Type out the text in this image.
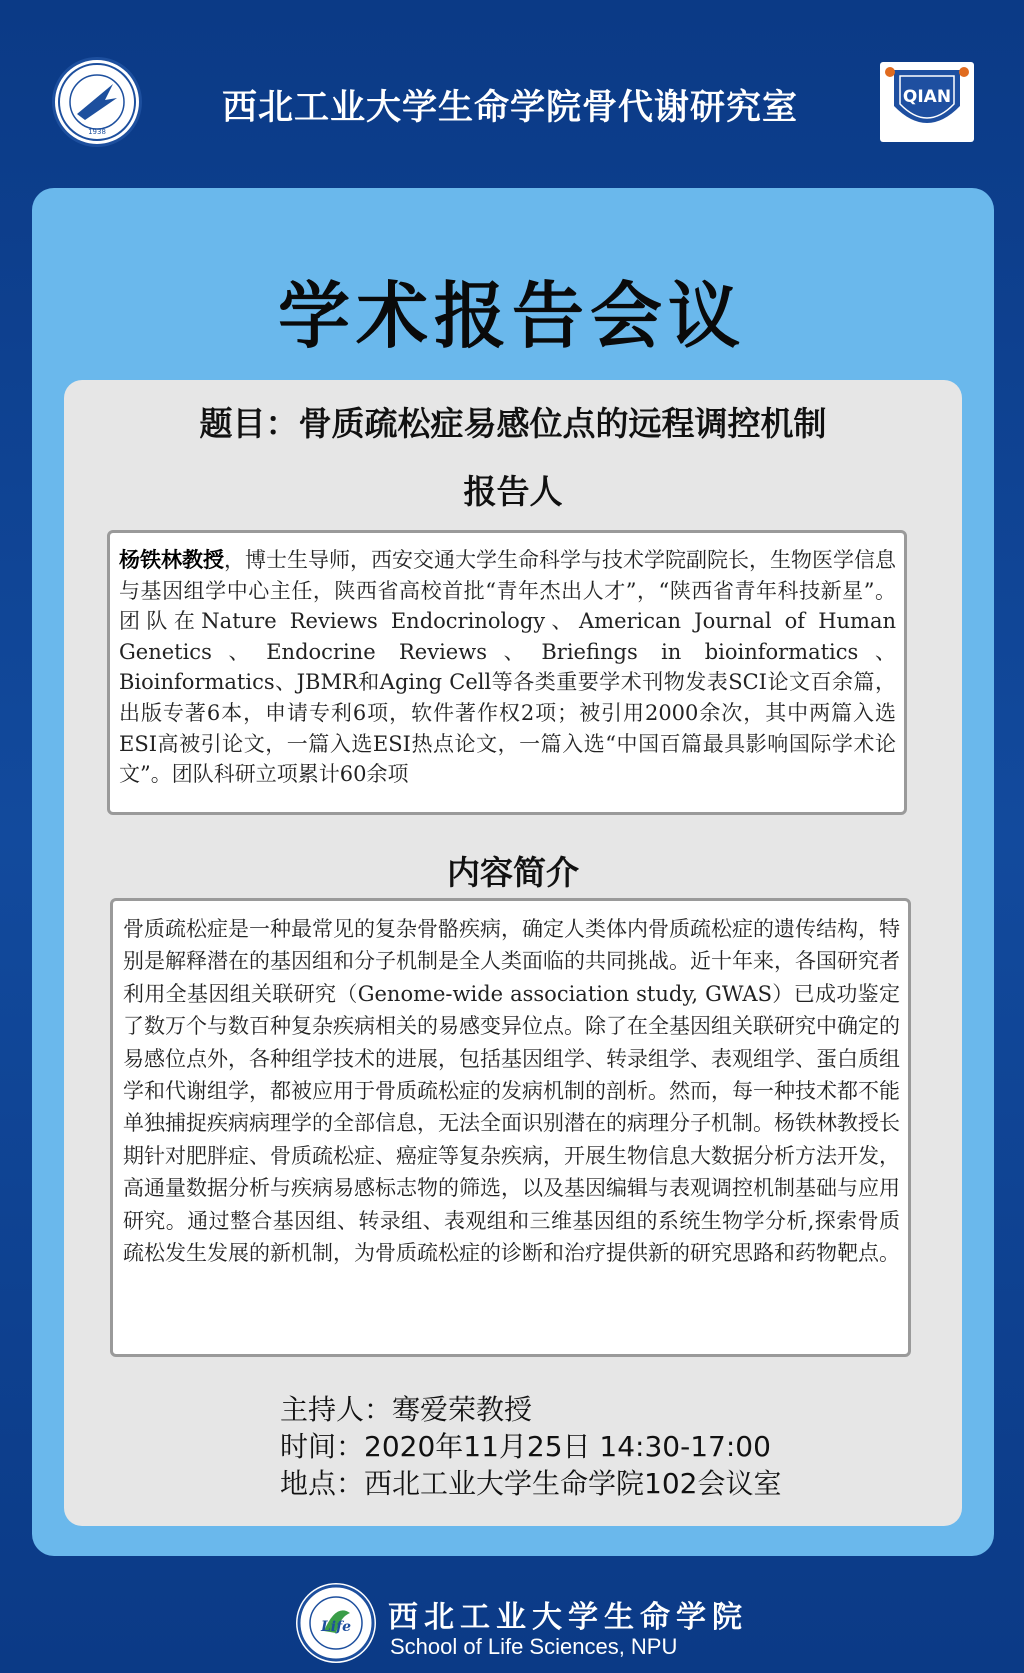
1938
西北工业大学生命学院骨代谢研究室	QIAN
学术报告会议
题目：骨质疏松症易感位点的远程调控机制
报告人
杨铁林教授，博士生导师，西安交通大学生命科学与技术学院副院长，生物医学信息与基因组学中心主任，陕西省高校首批“青年杰出人才”，“陕西省青年科技新星”。团队在Nature Reviews Endocrinology、American Journal of Human Genetics、Endocrine Reviews、Briefings in bioinformatics、Bioinformatics、JBMR和Aging Cell等各类重要学术刊物发表SCI论文百余篇，出版专著6本，申请专利6项，软件著作权2项；被引用2000余次，其中两篇入选ESI高被引论文，一篇入选ESI热点论文，一篇入选“中国百篇最具影响国际学术论文”。团队科研立项累计60余项
内容简介
骨质疏松症是一种最常见的复杂骨骼疾病，确定人类体内骨质疏松症的遗传结构，特别是解释潜在的基因组和分子机制是全人类面临的共同挑战。近十年来，各国研究者利用全基因组关联研究（Genome-wide association study, GWAS）已成功鉴定了数万个与数百种复杂疾病相关的易感变异位点。除了在全基因组关联研究中确定的易感位点外，各种组学技术的进展，包括基因组学、转录组学、表观组学、蛋白质组学和代谢组学，都被应用于骨质疏松症的发病机制的剖析。然而，每一种技术都不能单独捕捉疾病病理学的全部信息，无法全面识别潜在的病理分子机制。杨铁林教授长期针对肥胖症、骨质疏松症、癌症等复杂疾病，开展生物信息大数据分析方法开发，高通量数据分析与疾病易感标志物的筛选，以及基因编辑与表观调控机制基础与应用研究。通过整合基因组、转录组、表观组和三维基因组的系统生物学分析,探索骨质疏松发生发展的新机制，为骨质疏松症的诊断和治疗提供新的研究思路和药物靶点。
主持人：骞爱荣教授
时间：2020年11月25日 14:30-17:00
地点：西北工业大学生命学院102会议室
Life 西北工业大学生命学院
School of Life Sciences, NPU
